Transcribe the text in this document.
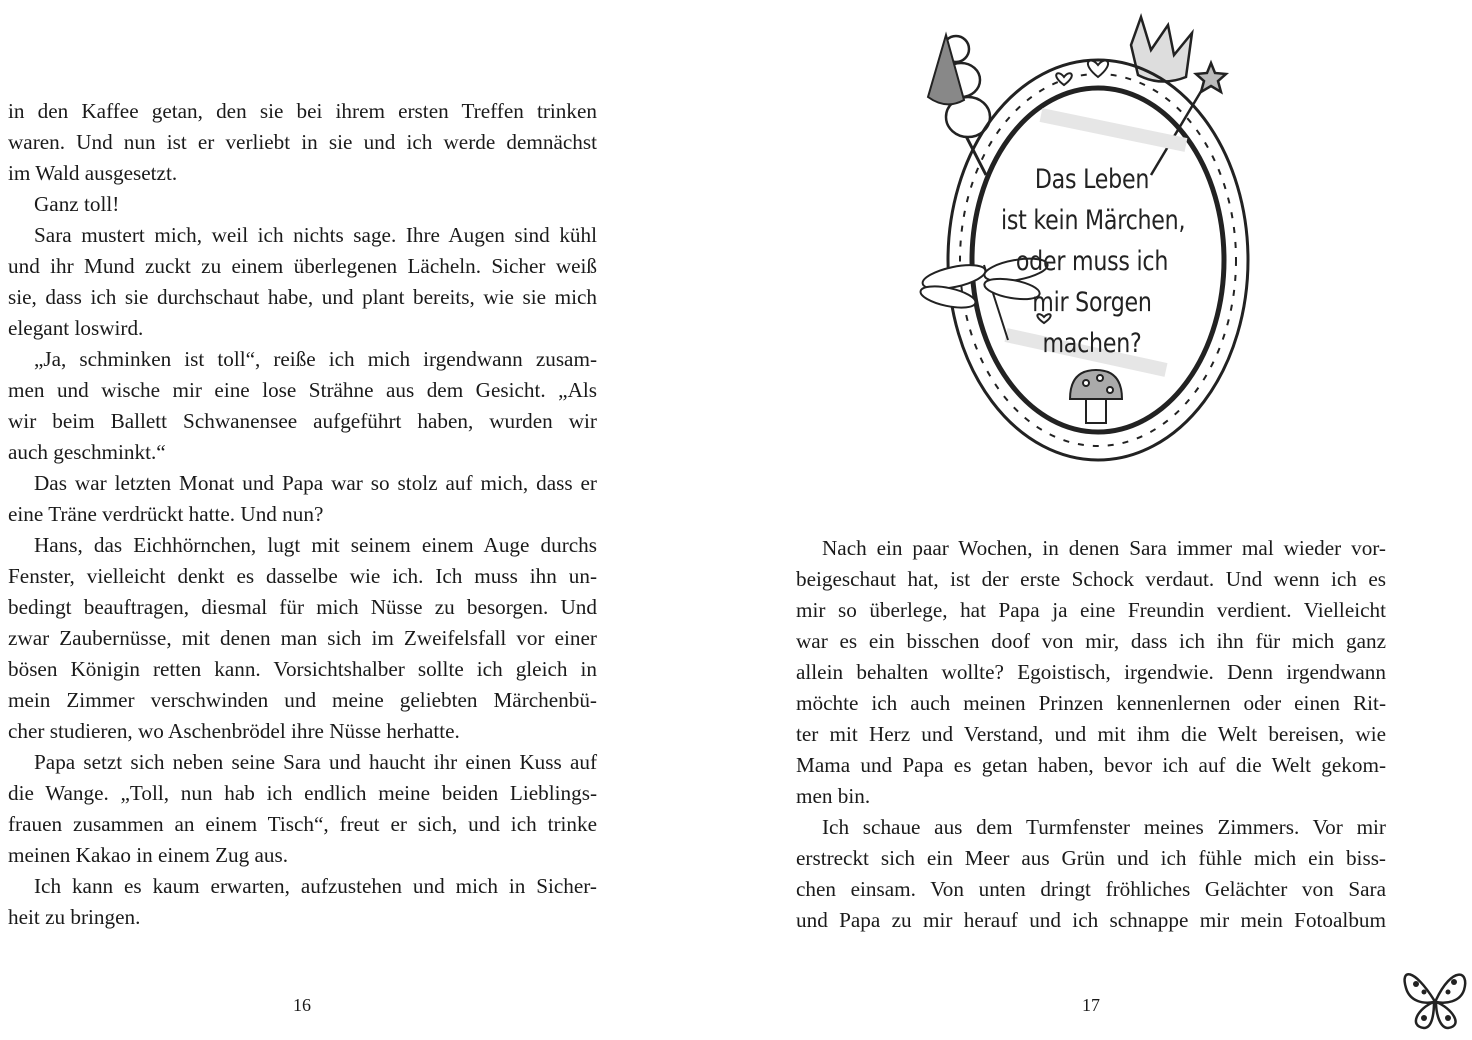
in den Kaffee getan, den sie bei ihrem ersten Treffen trinken
waren. Und nun ist er verliebt in sie und ich werde demnächst
im Wald ausgesetzt.
Ganz toll!
Sara mustert mich, weil ich nichts sage. Ihre Augen sind kühl
und ihr Mund zuckt zu einem überlegenen Lächeln. Sicher weiß
sie, dass ich sie durchschaut habe, und plant bereits, wie sie mich
elegant loswird.
„Ja, schminken ist toll“, reiße ich mich irgendwann zusam-
men und wische mir eine lose Strähne aus dem Gesicht. „Als
wir beim Ballett Schwanensee aufgeführt haben, wurden wir
auch geschminkt.“
Das war letzten Monat und Papa war so stolz auf mich, dass er
eine Träne verdrückt hatte. Und nun?
Hans, das Eichhörnchen, lugt mit seinem einem Auge durchs
Fenster, vielleicht denkt es dasselbe wie ich. Ich muss ihn un-
bedingt beauftragen, diesmal für mich Nüsse zu besorgen. Und
zwar Zaubernüsse, mit denen man sich im Zweifelsfall vor einer
bösen Königin retten kann. Vorsichtshalber sollte ich gleich in
mein Zimmer verschwinden und meine geliebten Märchenbü-
cher studieren, wo Aschenbrödel ihre Nüsse herhatte.
Papa setzt sich neben seine Sara und haucht ihr einen Kuss auf
die Wange. „Toll, nun hab ich endlich meine beiden Lieblings-
frauen zusammen an einem Tisch“, freut er sich, und ich trinke
meinen Kakao in einem Zug aus.
Ich kann es kaum erwarten, aufzustehen und mich in Sicher-
heit zu bringen.
16
Das Leben
ist kein Märchen,
oder muss ich
mir Sorgen
machen?
Nach ein paar Wochen, in denen Sara immer mal wieder vor-
beigeschaut hat, ist der erste Schock verdaut. Und wenn ich es
mir so überlege, hat Papa ja eine Freundin verdient. Vielleicht
war es ein bisschen doof von mir, dass ich ihn für mich ganz
allein behalten wollte? Egoistisch, irgendwie. Denn irgendwann
möchte ich auch meinen Prinzen kennenlernen oder einen Rit-
ter mit Herz und Verstand, und mit ihm die Welt bereisen, wie
Mama und Papa es getan haben, bevor ich auf die Welt gekom-
men bin.
Ich schaue aus dem Turmfenster meines Zimmers. Vor mir
erstreckt sich ein Meer aus Grün und ich fühle mich ein biss-
chen einsam. Von unten dringt fröhliches Gelächter von Sara
und Papa zu mir herauf und ich schnappe mir mein Fotoalbum
17
